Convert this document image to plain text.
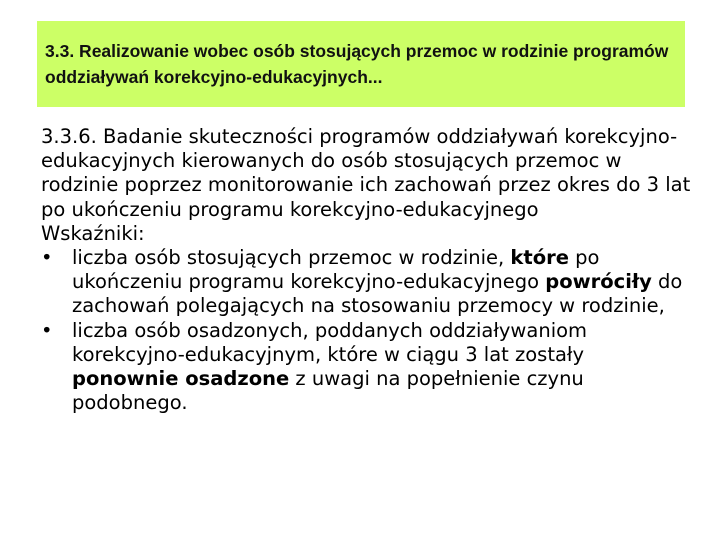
3.3. Realizowanie wobec osób stosujących przemoc w rodzinie programów oddziaływań korekcyjno-edukacyjnych...

3.3.6. Badanie skuteczności programów oddziaływań korekcyjno-edukacyjnych kierowanych do osób stosujących przemoc w rodzinie poprzez monitorowanie ich zachowań przez okres do 3 lat po ukończeniu programu korekcyjno-edukacyjnego

Wskaźniki:

• liczba osób stosujących przemoc w rodzinie, które po ukończeniu programu korekcyjno-edukacyjnego powróciły do zachowań polegających na stosowaniu przemocy w rodzinie,
• liczba osób osadzonych, poddanych oddziaływaniom korekcyjno-edukacyjnym, które w ciągu 3 lat zostały ponownie osadzone z uwagi na popełnienie czynu podobnego.
